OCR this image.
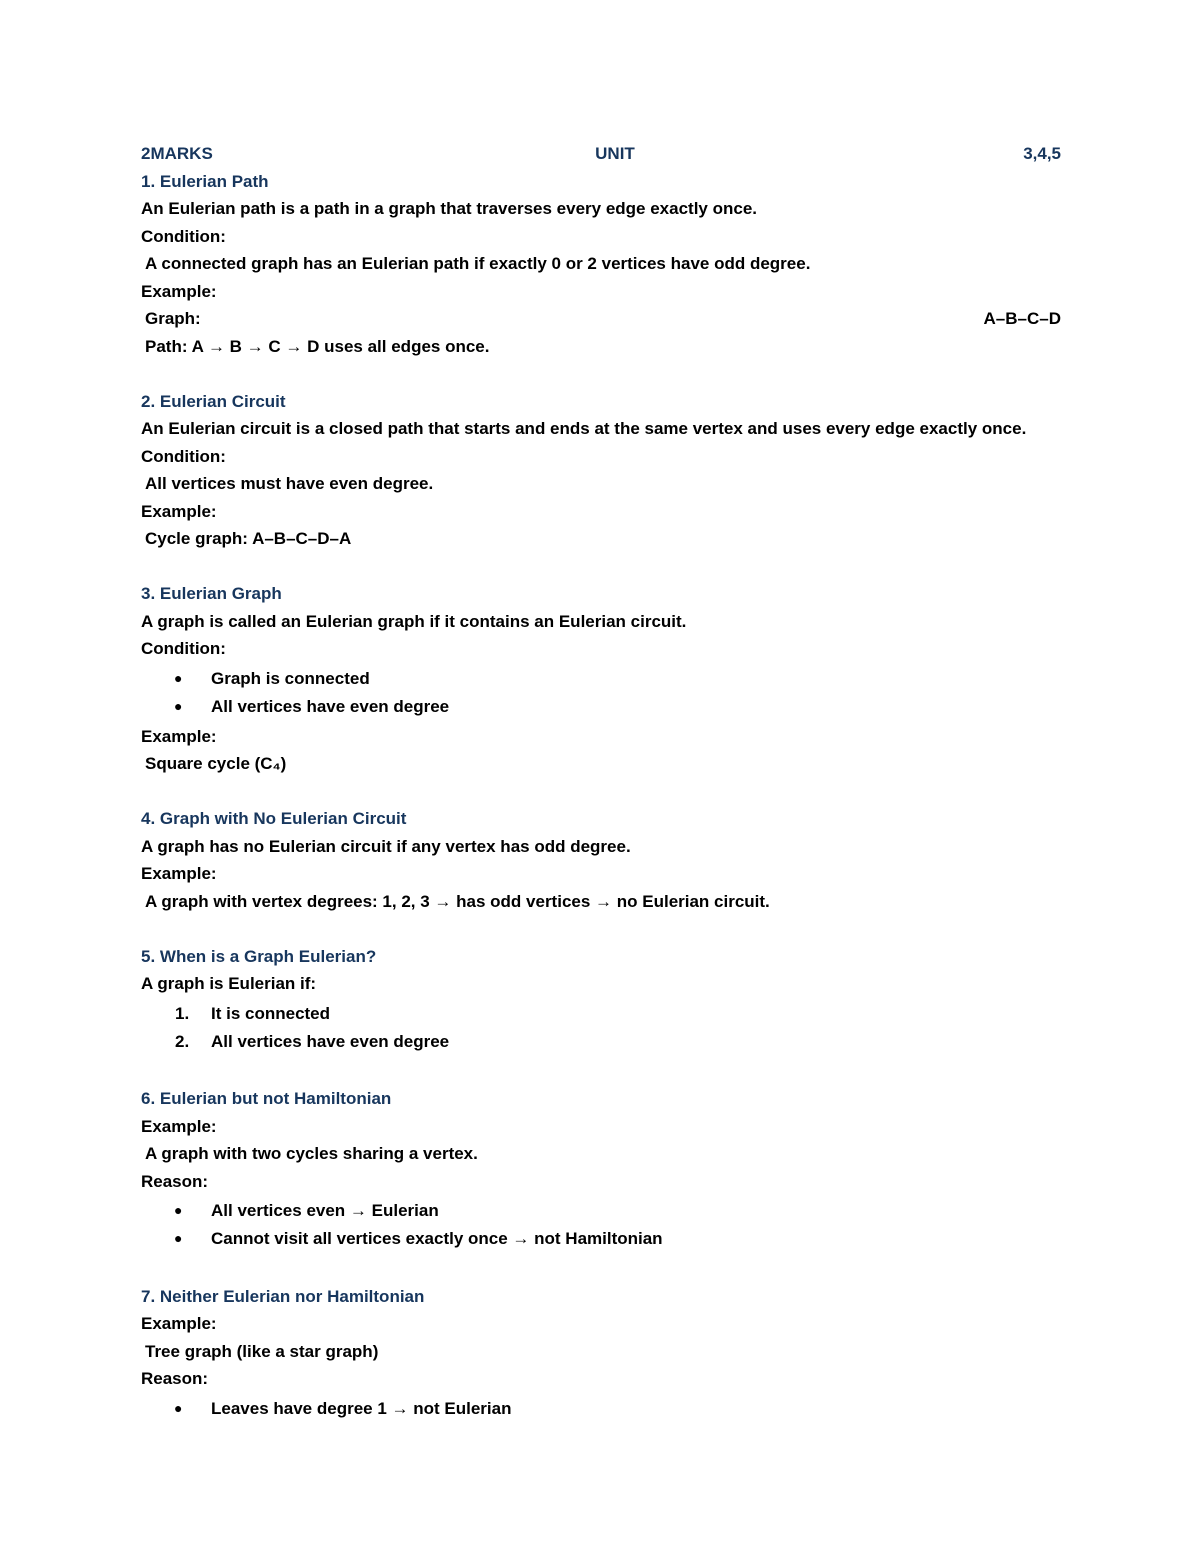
2MARKS	UNIT	3,4,5
1. Eulerian Path
An Eulerian path is a path in a graph that traverses every edge exactly once.
Condition:
A connected graph has an Eulerian path if exactly 0 or 2 vertices have odd degree.
Example:
Graph:	A–B–C–D
Path: A → B → C → D uses all edges once.
2. Eulerian Circuit
An Eulerian circuit is a closed path that starts and ends at the same vertex and uses every edge exactly once.
Condition:
All vertices must have even degree.
Example:
Cycle graph: A–B–C–D–A
3. Eulerian Graph
A graph is called an Eulerian graph if it contains an Eulerian circuit.
Condition:
●	Graph is connected
●	All vertices have even degree
Example:
Square cycle (C₄)
4. Graph with No Eulerian Circuit
A graph has no Eulerian circuit if any vertex has odd degree.
Example:
A graph with vertex degrees: 1, 2, 3 → has odd vertices → no Eulerian circuit.
5. When is a Graph Eulerian?
A graph is Eulerian if:
1.	It is connected
2.	All vertices have even degree
6. Eulerian but not Hamiltonian
Example:
A graph with two cycles sharing a vertex.
Reason:
●	All vertices even → Eulerian
●	Cannot visit all vertices exactly once → not Hamiltonian
7. Neither Eulerian nor Hamiltonian
Example:
Tree graph (like a star graph)
Reason:
●	Leaves have degree 1 → not Eulerian
